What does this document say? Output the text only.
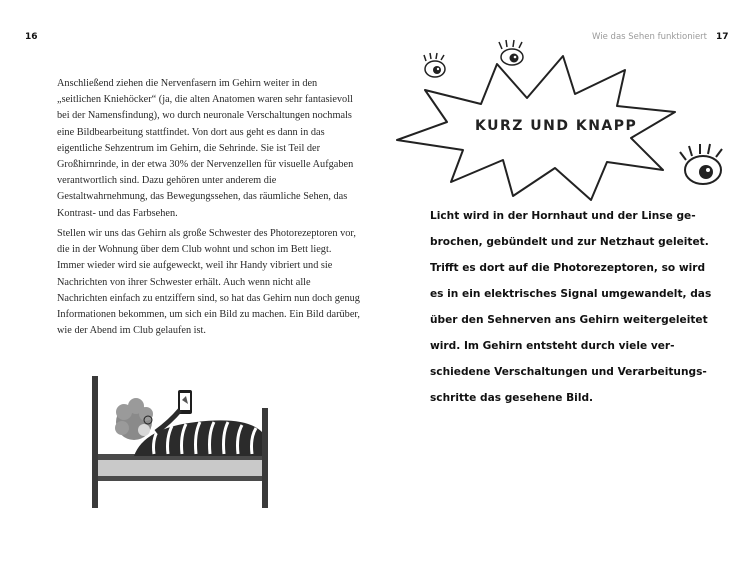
16

Anschließend ziehen die Nervenfasern im Gehirn weiter in den „seitlichen Kniehöcker“ (ja, die alten Anatomen waren sehr fantasievoll bei der Namensfindung), wo durch neuronale Verschaltungen nochmals eine Bildbearbeitung stattfindet. Von dort aus geht es dann in das eigentliche Sehzentrum im Gehirn, die Sehrinde. Sie ist Teil der Großhirnrinde, in der etwa 30% der Nervenzellen für visuelle Aufgaben verantwortlich sind. Dazu gehören unter anderem die Gestaltwahrnehmung, das Bewegungssehen, das räumliche Sehen, das Kontrast- und das Farbsehen.

Stellen wir uns das Gehirn als große Schwester des Photorezeptoren vor, die in der Wohnung über dem Club wohnt und schon im Bett liegt. Immer wieder wird sie aufgeweckt, weil ihr Handy vibriert und sie Nachrichten von ihrer Schwester erhält. Auch wenn nicht alle Nachrichten einfach zu entziffern sind, so hat das Gehirn nun doch genug Informationen bekommen, um sich ein Bild zu machen. Ein Bild darüber, wie der Abend im Club gelaufen ist.

Wie das Sehen funktioniert 17
KURZ UND KNAPP
Licht wird in der Hornhaut und der Linse ge-
brochen, gebündelt und zur Netzhaut geleitet.
Trifft es dort auf die Photorezeptoren, so wird
es in ein elektrisches Signal umgewandelt, das
über den Sehnerven ans Gehirn weitergeleitet
wird. Im Gehirn entsteht durch viele ver-
schiedene Verschaltungen und Verarbeitungs-
schritte das gesehene Bild.
